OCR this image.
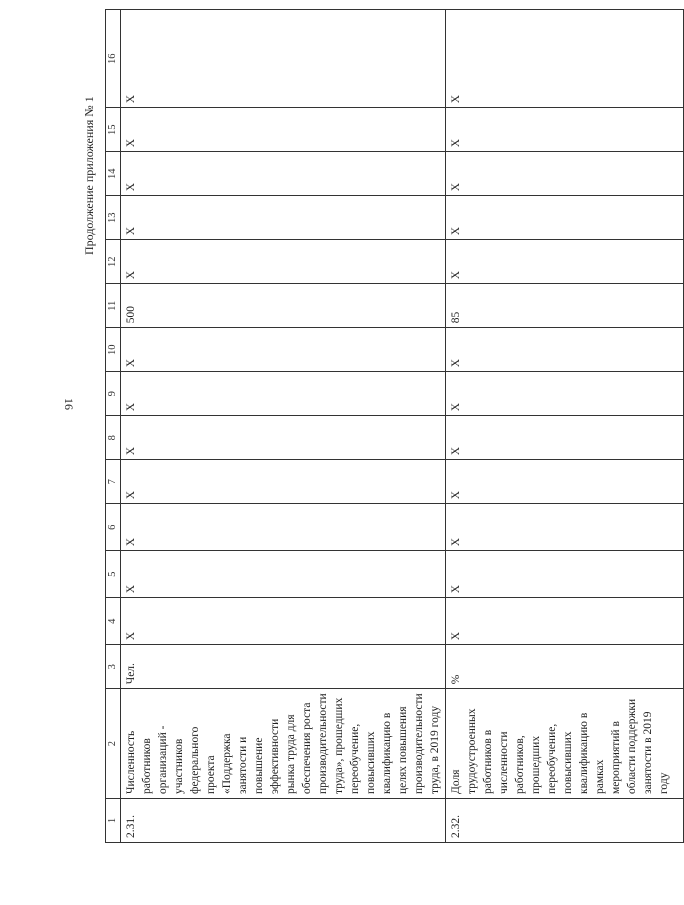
Продолжение приложения № 1
16
1	2	3	4	5	6	7	8	9	10	11	12	13	14	15	16
2.31.	Численность работников организаций - участников федерального проекта «Поддержка занятости и повышение эффективности рынка труда для обеспечения роста производительности труда», прошедших переобучение, повысивших квалификацию в целях повышения производительности труда, в 2019 году	Чел.	X	X	X	X	X	X	X	500	X	X	X	X	X
2.32.	Доля трудоустроенных работников в численности работников, прошедших переобучение, повысивших квалификацию в рамках мероприятий в области поддержки занятости в 2019 году	%	X	X	X	X	X	X	X	85	X	X	X	X	X
